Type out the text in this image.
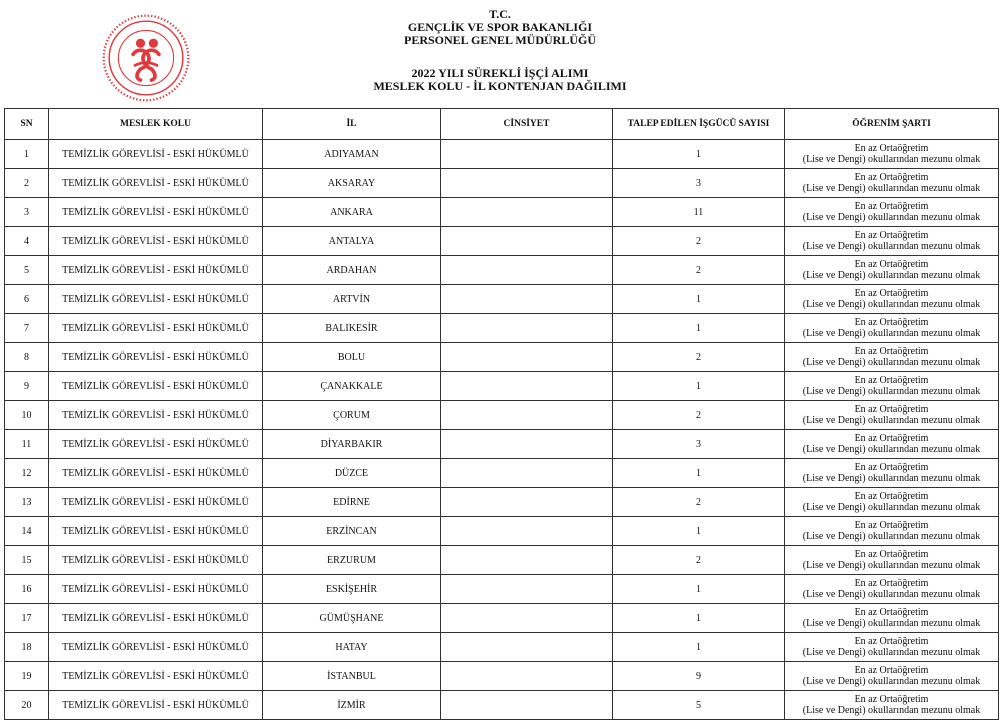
T.C.
GENÇLİK VE SPOR BAKANLIĞI
PERSONEL GENEL MÜDÜRLÜĞÜ
2022 YILI SÜREKLİ İŞÇİ ALIMI
MESLEK KOLU - İL KONTENJAN DAĞILIMI
SN	MESLEK KOLU	İL	CİNSİYET	TALEP EDİLEN İŞGÜCÜ SAYISI	ÖĞRENİM ŞARTI
1	TEMİZLİK GÖREVLİSİ - ESKİ HÜKÜMLÜ	ADIYAMAN		1	En az Ortaöğretim
(Lise ve Dengi) okullarından mezunu olmak

2	TEMİZLİK GÖREVLİSİ - ESKİ HÜKÜMLÜ	AKSARAY		3	En az Ortaöğretim
(Lise ve Dengi) okullarından mezunu olmak

3	TEMİZLİK GÖREVLİSİ - ESKİ HÜKÜMLÜ	ANKARA		11	En az Ortaöğretim
(Lise ve Dengi) okullarından mezunu olmak

4	TEMİZLİK GÖREVLİSİ - ESKİ HÜKÜMLÜ	ANTALYA		2	En az Ortaöğretim
(Lise ve Dengi) okullarından mezunu olmak

5	TEMİZLİK GÖREVLİSİ - ESKİ HÜKÜMLÜ	ARDAHAN		2	En az Ortaöğretim
(Lise ve Dengi) okullarından mezunu olmak

6	TEMİZLİK GÖREVLİSİ - ESKİ HÜKÜMLÜ	ARTVİN		1	En az Ortaöğretim
(Lise ve Dengi) okullarından mezunu olmak

7	TEMİZLİK GÖREVLİSİ - ESKİ HÜKÜMLÜ	BALIKESİR		1	En az Ortaöğretim
(Lise ve Dengi) okullarından mezunu olmak

8	TEMİZLİK GÖREVLİSİ - ESKİ HÜKÜMLÜ	BOLU		2	En az Ortaöğretim
(Lise ve Dengi) okullarından mezunu olmak

9	TEMİZLİK GÖREVLİSİ - ESKİ HÜKÜMLÜ	ÇANAKKALE		1	En az Ortaöğretim
(Lise ve Dengi) okullarından mezunu olmak

10	TEMİZLİK GÖREVLİSİ - ESKİ HÜKÜMLÜ	ÇORUM		2	En az Ortaöğretim
(Lise ve Dengi) okullarından mezunu olmak

11	TEMİZLİK GÖREVLİSİ - ESKİ HÜKÜMLÜ	DİYARBAKIR		3	En az Ortaöğretim
(Lise ve Dengi) okullarından mezunu olmak

12	TEMİZLİK GÖREVLİSİ - ESKİ HÜKÜMLÜ	DÜZCE		1	En az Ortaöğretim
(Lise ve Dengi) okullarından mezunu olmak

13	TEMİZLİK GÖREVLİSİ - ESKİ HÜKÜMLÜ	EDİRNE		2	En az Ortaöğretim
(Lise ve Dengi) okullarından mezunu olmak

14	TEMİZLİK GÖREVLİSİ - ESKİ HÜKÜMLÜ	ERZİNCAN		1	En az Ortaöğretim
(Lise ve Dengi) okullarından mezunu olmak

15	TEMİZLİK GÖREVLİSİ - ESKİ HÜKÜMLÜ	ERZURUM		2	En az Ortaöğretim
(Lise ve Dengi) okullarından mezunu olmak

16	TEMİZLİK GÖREVLİSİ - ESKİ HÜKÜMLÜ	ESKİŞEHİR		1	En az Ortaöğretim
(Lise ve Dengi) okullarından mezunu olmak

17	TEMİZLİK GÖREVLİSİ - ESKİ HÜKÜMLÜ	GÜMÜŞHANE		1	En az Ortaöğretim
(Lise ve Dengi) okullarından mezunu olmak

18	TEMİZLİK GÖREVLİSİ - ESKİ HÜKÜMLÜ	HATAY		1	En az Ortaöğretim
(Lise ve Dengi) okullarından mezunu olmak

19	TEMİZLİK GÖREVLİSİ - ESKİ HÜKÜMLÜ	İSTANBUL		9	En az Ortaöğretim
(Lise ve Dengi) okullarından mezunu olmak

20	TEMİZLİK GÖREVLİSİ - ESKİ HÜKÜMLÜ	İZMİR		5	En az Ortaöğretim
(Lise ve Dengi) okullarından mezunu olmak
